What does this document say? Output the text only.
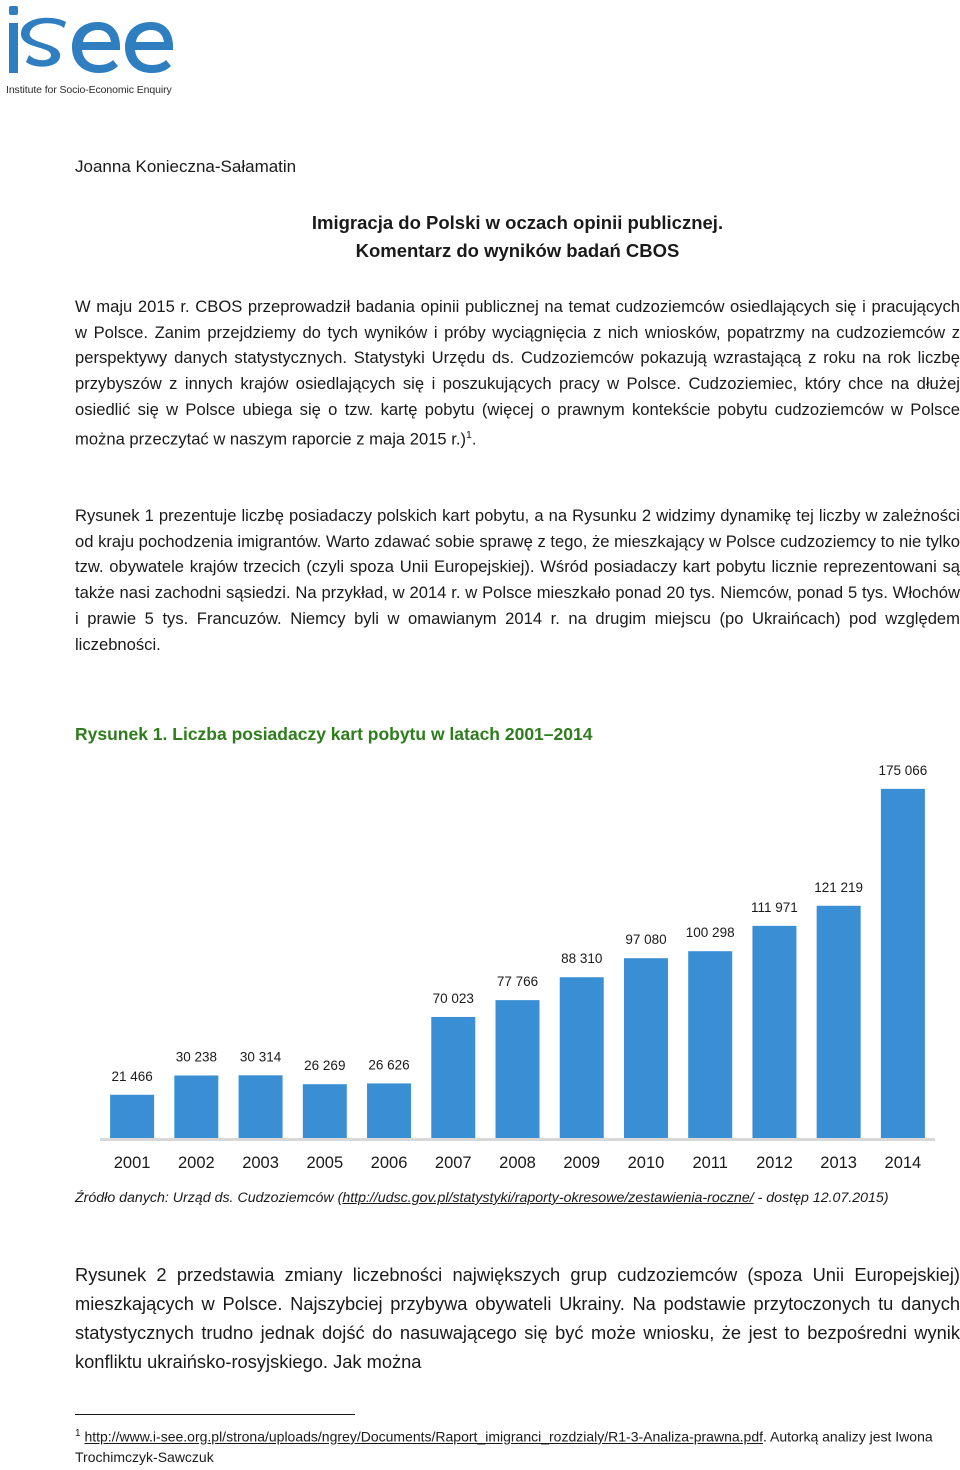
Institute for Socio-Economic Enquiry
Joanna Konieczna-Sałamatin
Imigracja do Polski w oczach opinii publicznej.
Komentarz do wyników badań CBOS

W maju 2015 r. CBOS przeprowadził badania opinii publicznej na temat cudzoziemców osiedlających się i pracujących w Polsce. Zanim przejdziemy do tych wyników i próby wyciągnięcia z nich wniosków, popatrzmy na cudzoziemców z perspektywy danych statystycznych. Statystyki Urzędu ds. Cudzoziemców pokazują wzrastającą z roku na rok liczbę przybyszów z innych krajów osiedlających się i poszukujących pracy w Polsce. Cudzoziemiec, który chce na dłużej osiedlić się w Polsce ubiega się o tzw. kartę pobytu (więcej o prawnym kontekście pobytu cudzoziemców w Polsce można przeczytać w naszym raporcie z maja 2015 r.)$^1$.

Rysunek 1 prezentuje liczbę posiadaczy polskich kart pobytu, a na Rysunku 2 widzimy dynamikę tej liczby w zależności od kraju pochodzenia imigrantów. Warto zdawać sobie sprawę z tego, że mieszkający w Polsce cudzoziemcy to nie tylko tzw. obywatele krajów trzecich (czyli spoza Unii Europejskiej). Wśród posiadaczy kart pobytu licznie reprezentowani są także nasi zachodni sąsiedzi. Na przykład, w 2014 r. w Polsce mieszkało ponad 20 tys. Niemców, ponad 5 tys. Włochów i prawie 5 tys. Francuzów. Niemcy byli w omawianym 2014 r. na drugim miejscu (po Ukraińcach) pod względem liczebności.

Rysunek 1. Liczba posiadaczy kart pobytu w latach 2001–2014
21 466
2001
30 238
2002
30 314
2003
26 269
2005
26 626
2006
70 023
2007
77 766
2008
88 310
2009
97 080
2010
100 298
2011
111 971
2012
121 219
2013
175 066
2014
Źródło danych: Urząd ds. Cudzoziemców (http://udsc.gov.pl/statystyki/raporty-okresowe/zestawienia-roczne/ - dostęp 12.07.2015)

Rysunek 2 przedstawia zmiany liczebności największych grup cudzoziemców (spoza Unii Europejskiej) mieszkających w Polsce. Najszybciej przybywa obywateli Ukrainy. Na podstawie przytoczonych tu danych statystycznych trudno jednak dojść do nasuwającego się być może wniosku, że jest to bezpośredni wynik konfliktu ukraińsko-rosyjskiego. Jak można

$^1$ http://www.i-see.org.pl/strona/uploads/ngrey/Documents/Raport_imigranci_rozdzialy/R1-3-Analiza-prawna.pdf. Autorką analizy jest Iwona Trochimczyk-Sawczuk
